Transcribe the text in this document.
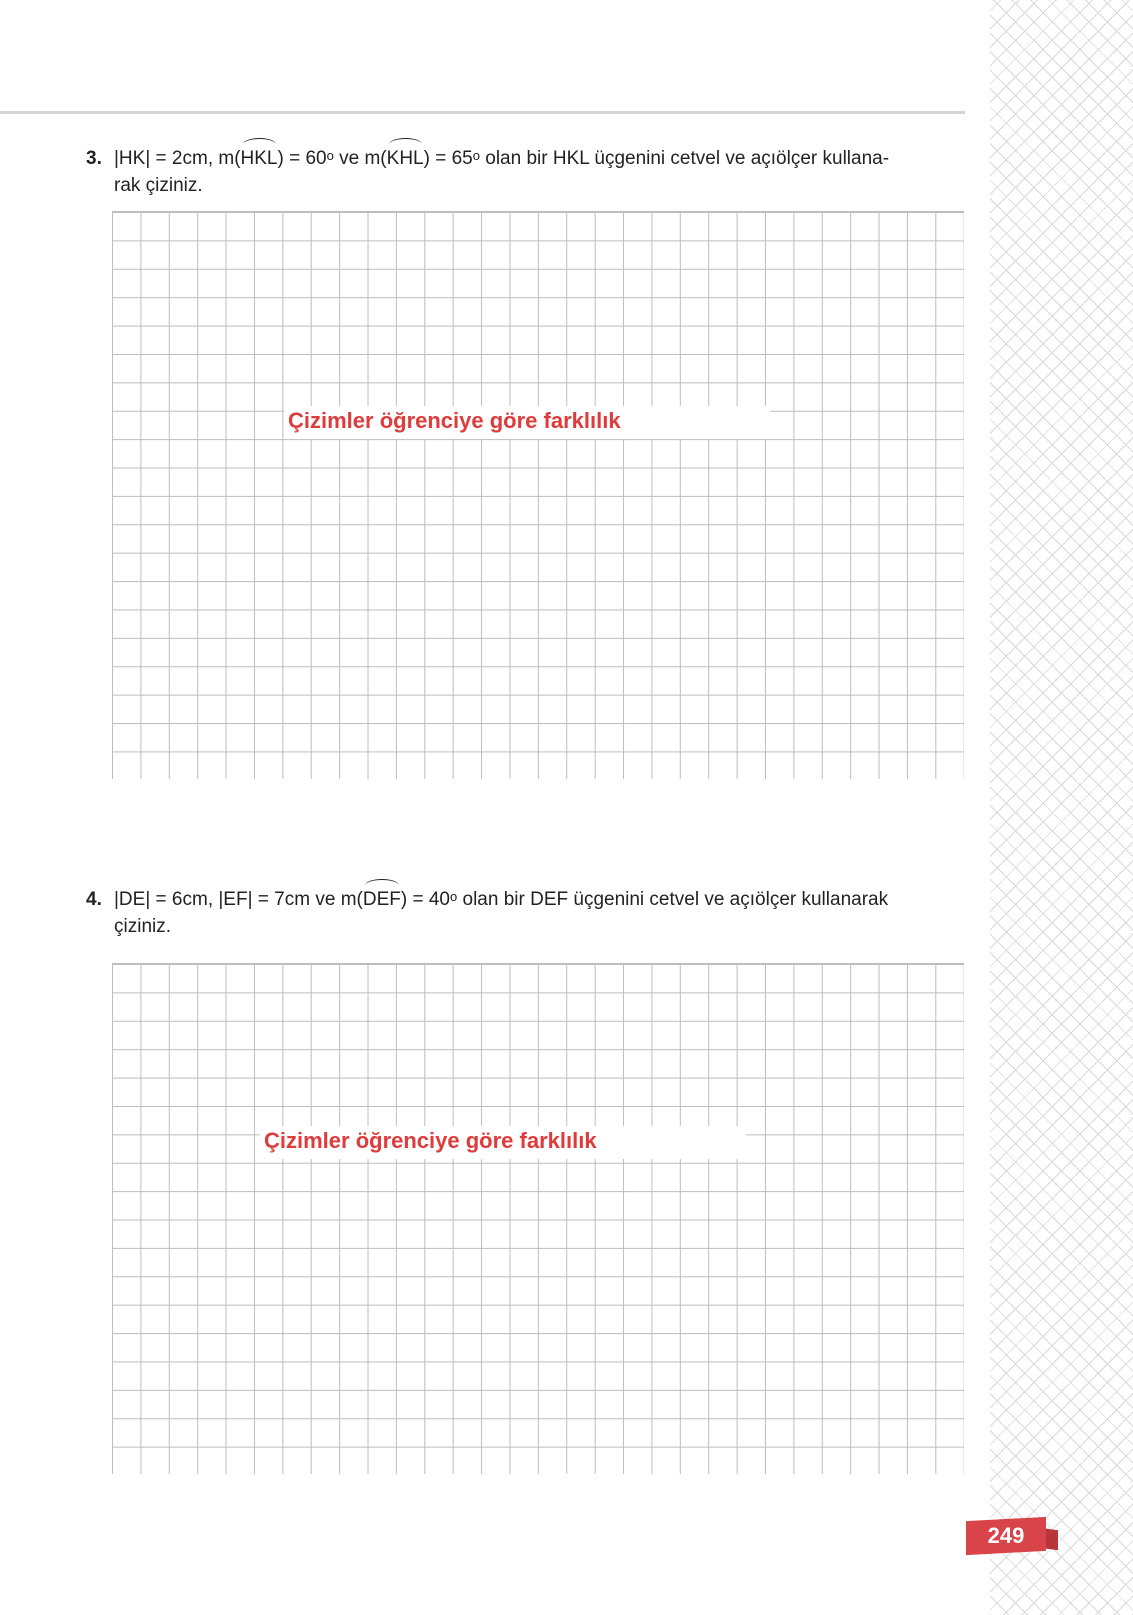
3. |HK| = 2cm, $m(HKL) = 60^o$ ve $m(KHL) = 65^o$ olan bir HKL üçgenini cetvel ve açıölçer kullana-
rak çiziniz.
Çizimler öğrenciye göre farklılık
4. |DE| = 6cm, |EF| = 7cm ve $m(DEF) = 40^o$ olan bir DEF üçgenini cetvel ve açıölçer kullanarak
çiziniz.
Çizimler öğrenciye göre farklılık
249
